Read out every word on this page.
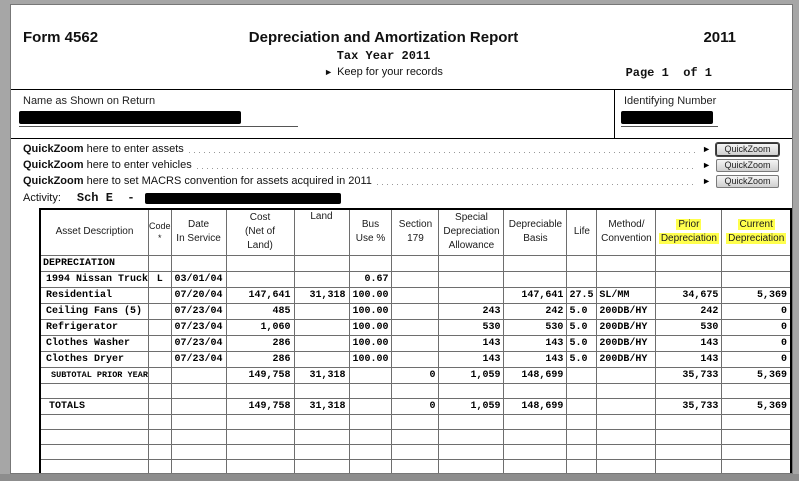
Form 4562	Depreciation and Amortization Report	2011
Tax Year 2011
► Keep for your records	Page 1  of 1
Name as Shown on Return	Identifying Number
QuickZoom here to enter assets	►	QuickZoom
QuickZoom here to enter vehicles	►	QuickZoom
QuickZoom here to set MACRS convention for assets acquired in 2011	►	QuickZoom
Activity: Sch E  -
Asset Description	Code
*

Date
In Service

Cost
(Net of
Land)

Land

Bus
Use %

Section
179

Special
Depreciation
Allowance

Depreciable
Basis

Life

Method/
Convention

Prior
Depreciation

Current
Depreciation

DEPRECIATION												
1994 Nissan Truck	L	03/01/04			0.67							
Residential		07/20/04	147,641	31,318	100.00			147,641	27.5	SL/MM	34,675	5,369
Ceiling Fans (5)		07/23/04	485		100.00		243	242	5.0	200DB/HY	242	0
Refrigerator		07/23/04	1,060		100.00		530	530	5.0	200DB/HY	530	0
Clothes Washer		07/23/04	286		100.00		143	143	5.0	200DB/HY	143	0
Clothes Dryer		07/23/04	286		100.00		143	143	5.0	200DB/HY	143	0
SUBTOTAL PRIOR YEAR			149,758	31,318		0	1,059	148,699			35,733	5,369

TOTALS			149,758	31,318		0	1,059	148,699			35,733	5,369
